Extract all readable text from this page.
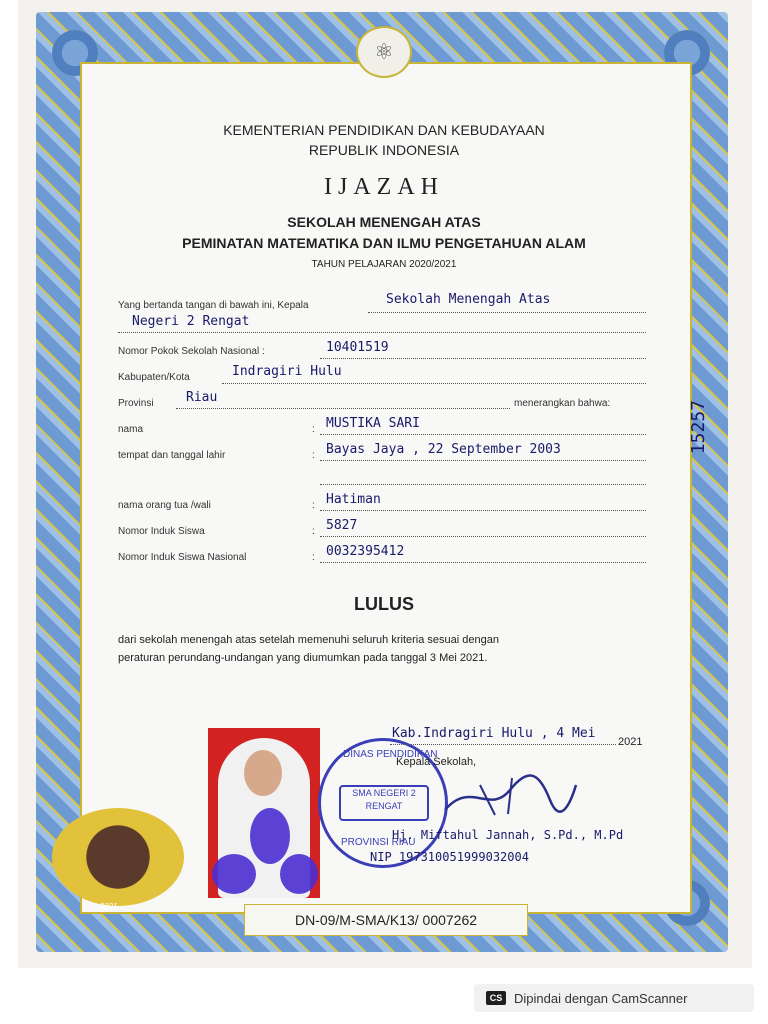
⚛
KEMENTERIAN PENDIDIKAN DAN KEBUDAYAAN
REPUBLIK INDONESIA
IJAZAH
SEKOLAH MENENGAH ATAS
PEMINATAN MATEMATIKA DAN ILMU PENGETAHUAN ALAM
TAHUN PELAJARAN 2020/2021
Yang bertanda tangan di bawah ini, Kepala	Sekolah Menengah Atas
Negeri 2 Rengat
Nomor Pokok Sekolah Nasional :	10401519
Kabupaten/Kota	Indragiri Hulu
Provinsi Riau	menerangkan bahwa:
nama	: MUSTIKA SARI
tempat dan tanggal lahir	: Bayas Jaya , 22 September 2003
nama orang tua /wali	: Hatiman
Nomor Induk Siswa	: 5827
Nomor Induk Siswa Nasional	: 0032395412
15257
LULUS
dari sekolah menengah atas setelah memenuhi seluruh kriteria sesuai dengan
peraturan perundang-undangan yang diumumkan pada tanggal 3 Mei 2021.
DINAS PENDIDIKAN
SMA NEGERI 2
RENGAT
PROVINSI RIAU
Kab.Indragiri Hulu , 4 Mei
2021
Kepala Sekolah,
Hj. Miftahul Jannah, S.Pd., M.Pd
NIP 197310051999032004
2021
DN-09/M-SMA/K13/ 0007262
CS Dipindai dengan CamScanner
